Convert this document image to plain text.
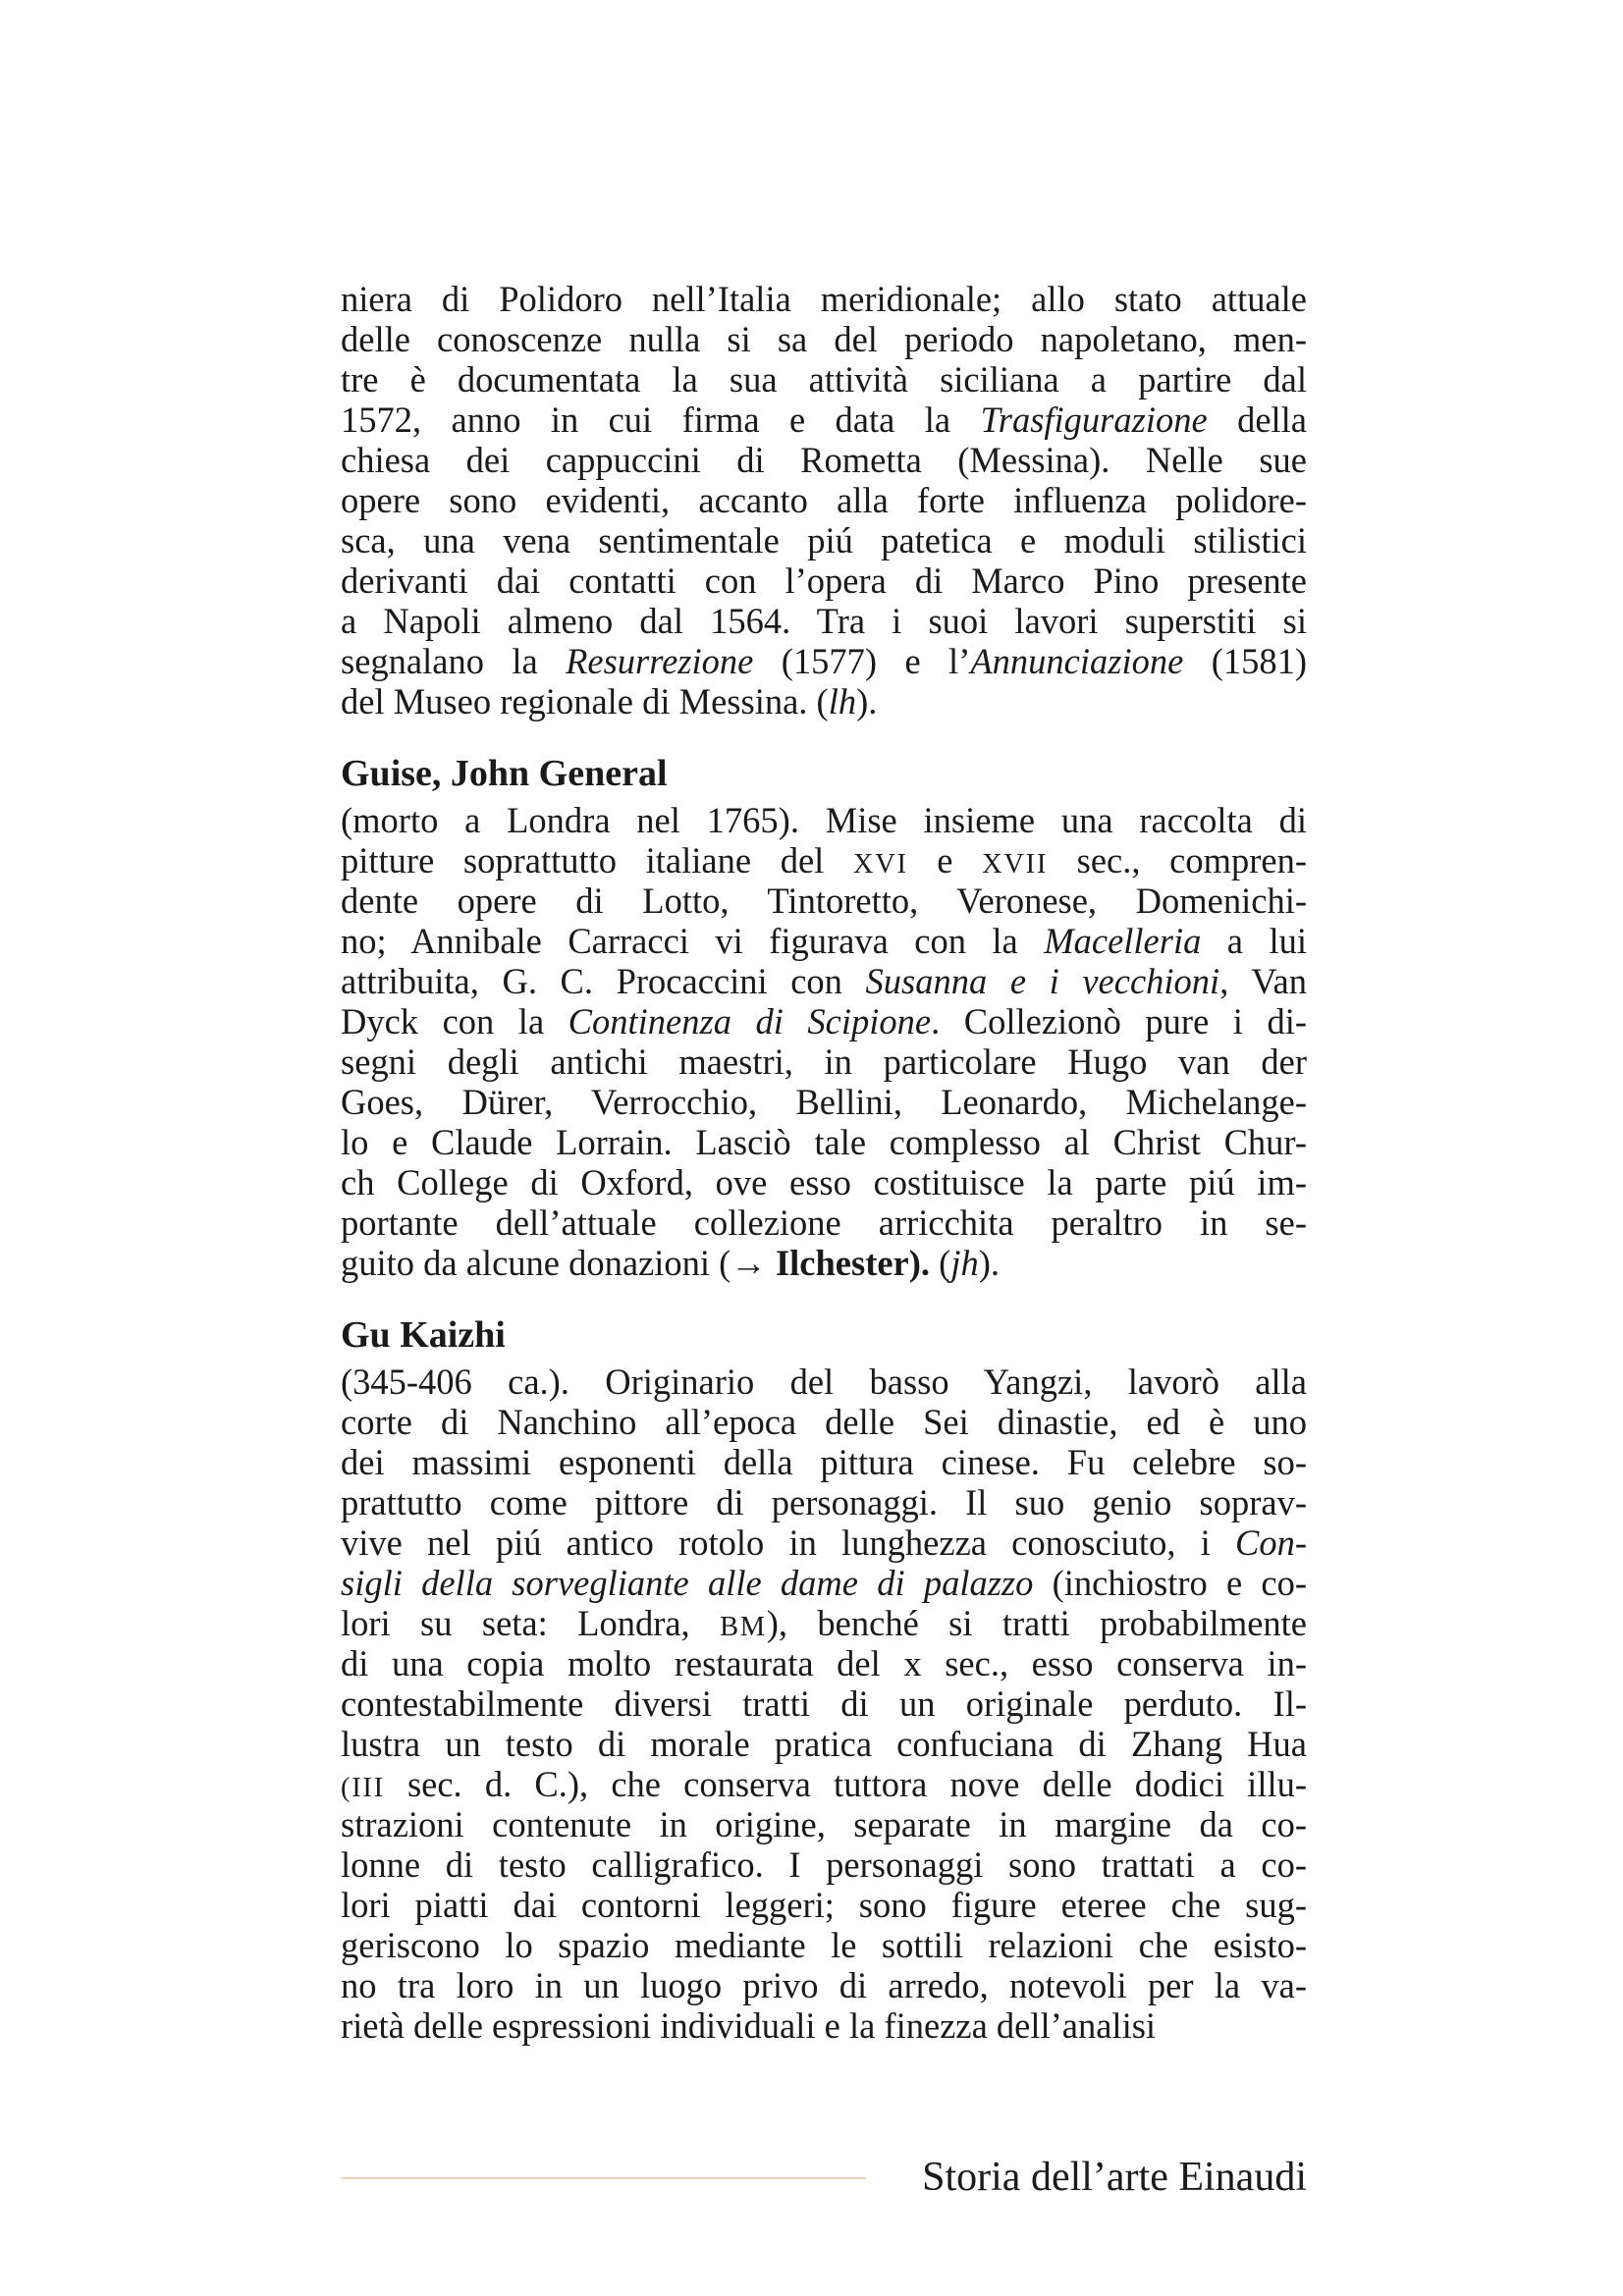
niera di Polidoro nell’Italia meridionale; allo stato attuale
delle conoscenze nulla si sa del periodo napoletano, men-
tre è documentata la sua attività siciliana a partire dal
1572, anno in cui firma e data la Trasfigurazione della
chiesa dei cappuccini di Rometta (Messina). Nelle sue
opere sono evidenti, accanto alla forte influenza polidore-
sca, una vena sentimentale piú patetica e moduli stilistici
derivanti dai contatti con l’opera di Marco Pino presente
a Napoli almeno dal 1564. Tra i suoi lavori superstiti si
segnalano la Resurrezione (1577) e l’Annunciazione (1581)
del Museo regionale di Messina. (lh).
Guise, John General
(morto a Londra nel 1765). Mise insieme una raccolta di
pitture soprattutto italiane del XVI e XVII sec., compren-
dente opere di Lotto, Tintoretto, Veronese, Domenichi-
no; Annibale Carracci vi figurava con la Macelleria a lui
attribuita, G. C. Procaccini con Susanna e i vecchioni, Van
Dyck con la Continenza di Scipione. Collezionò pure i di-
segni degli antichi maestri, in particolare Hugo van der
Goes, Dürer, Verrocchio, Bellini, Leonardo, Michelange-
lo e Claude Lorrain. Lasciò tale complesso al Christ Chur-
ch College di Oxford, ove esso costituisce la parte piú im-
portante dell’attuale collezione arricchita peraltro in se-
guito da alcune donazioni (→ Ilchester). (jh).
Gu Kaizhi
(345-406 ca.). Originario del basso Yangzi, lavorò alla
corte di Nanchino all’epoca delle Sei dinastie, ed è uno
dei massimi esponenti della pittura cinese. Fu celebre so-
prattutto come pittore di personaggi. Il suo genio soprav-
vive nel piú antico rotolo in lunghezza conosciuto, i Con-
sigli della sorvegliante alle dame di palazzo (inchiostro e co-
lori su seta: Londra, BM), benché si tratti probabilmente
di una copia molto restaurata del x sec., esso conserva in-
contestabilmente diversi tratti di un originale perduto. Il-
lustra un testo di morale pratica confuciana di Zhang Hua
(III sec. d. C.), che conserva tuttora nove delle dodici illu-
strazioni contenute in origine, separate in margine da co-
lonne di testo calligrafico. I personaggi sono trattati a co-
lori piatti dai contorni leggeri; sono figure eteree che sug-
geriscono lo spazio mediante le sottili relazioni che esisto-
no tra loro in un luogo privo di arredo, notevoli per la va-
rietà delle espressioni individuali e la finezza dell’analisi
Storia dell’arte Einaudi
